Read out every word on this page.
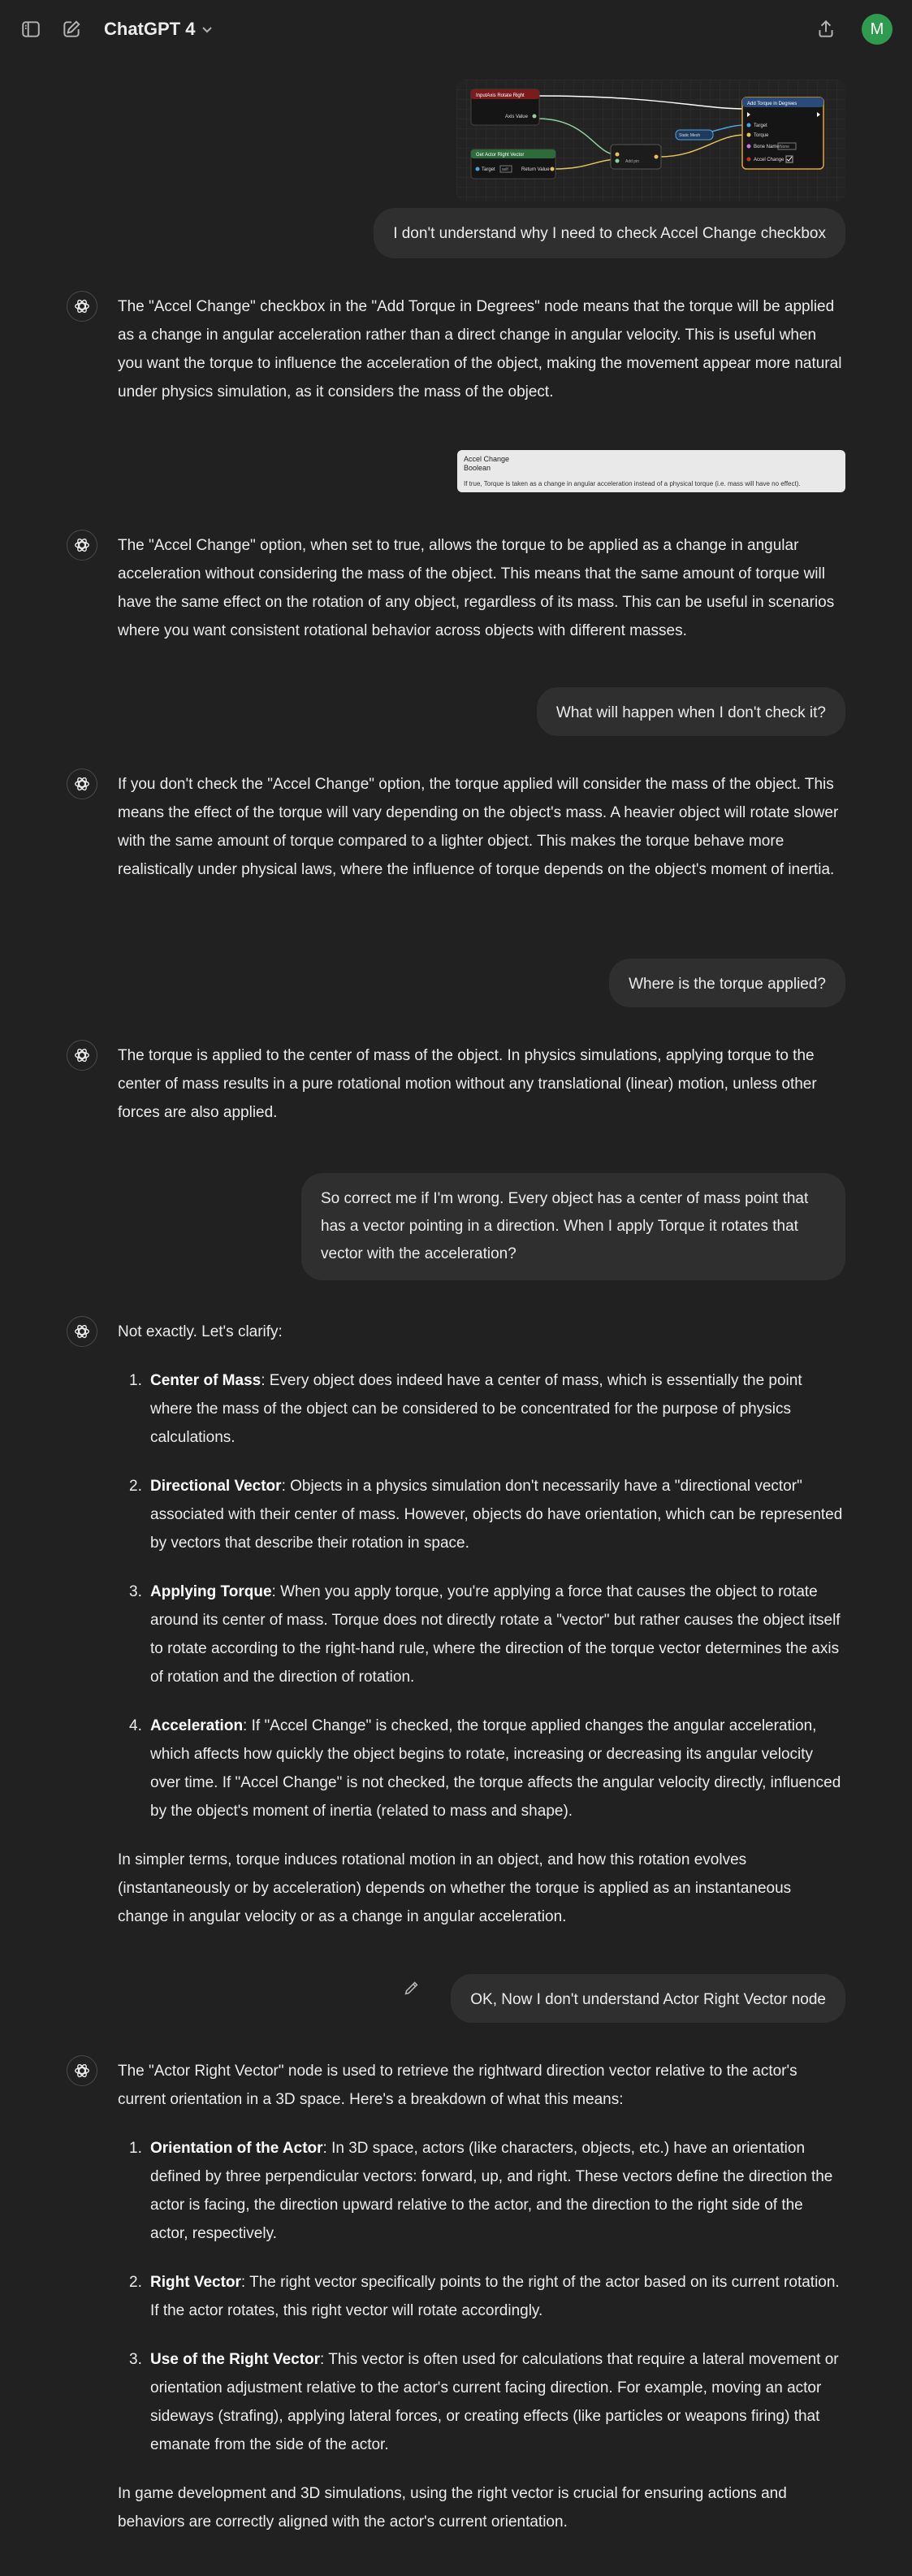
ChatGPT 4	M
InputAxis Rotate Right
Axis Value
Get Actor Right Vector
Target self	Return Value
Add pin
Static Mesh
Add Torque in Degrees
Target
Torque
Bone Name None
Accel Change
I don't understand why I need to check Accel Change checkbox

The "Accel Change" checkbox in the "Add Torque in Degrees" node means that the torque will be applied as a change in angular acceleration rather than a direct change in angular velocity. This is useful when you want the torque to influence the acceleration of the object, making the movement appear more natural under physics simulation, as it considers the mass of the object.

Accel Change
Boolean
If true, Torque is taken as a change in angular acceleration instead of a physical torque (i.e. mass will have no effect).

The "Accel Change" option, when set to true, allows the torque to be applied as a change in angular acceleration without considering the mass of the object. This means that the same amount of torque will have the same effect on the rotation of any object, regardless of its mass. This can be useful in scenarios where you want consistent rotational behavior across objects with different masses.

What will happen when I don't check it?

If you don't check the "Accel Change" option, the torque applied will consider the mass of the object. This means the effect of the torque will vary depending on the object's mass. A heavier object will rotate slower with the same amount of torque compared to a lighter object. This makes the torque behave more realistically under physical laws, where the influence of torque depends on the object's moment of inertia.

Where is the torque applied?

The torque is applied to the center of mass of the object. In physics simulations, applying torque to the center of mass results in a pure rotational motion without any translational (linear) motion, unless other forces are also applied.

So correct me if I'm wrong. Every object has a center of mass point that has a vector pointing in a direction. When I apply Torque it rotates that vector with the acceleration?

Not exactly. Let's clarify:

1. Center of Mass: Every object does indeed have a center of mass, which is essentially the point where the mass of the object can be considered to be concentrated for the purpose of physics calculations.
2. Directional Vector: Objects in a physics simulation don't necessarily have a "directional vector" associated with their center of mass. However, objects do have orientation, which can be represented by vectors that describe their rotation in space.
3. Applying Torque: When you apply torque, you're applying a force that causes the object to rotate around its center of mass. Torque does not directly rotate a "vector" but rather causes the object itself to rotate according to the right-hand rule, where the direction of the torque vector determines the axis of rotation and the direction of rotation.
4. Acceleration: If "Accel Change" is checked, the torque applied changes the angular acceleration, which affects how quickly the object begins to rotate, increasing or decreasing its angular velocity over time. If "Accel Change" is not checked, the torque affects the angular velocity directly, influenced by the object's moment of inertia (related to mass and shape).

In simpler terms, torque induces rotational motion in an object, and how this rotation evolves (instantaneously or by acceleration) depends on whether the torque is applied as an instantaneous change in angular velocity or as a change in angular acceleration.

OK, Now I don't understand Actor Right Vector node

The "Actor Right Vector" node is used to retrieve the rightward direction vector relative to the actor's current orientation in a 3D space. Here's a breakdown of what this means:

1. Orientation of the Actor: In 3D space, actors (like characters, objects, etc.) have an orientation defined by three perpendicular vectors: forward, up, and right. These vectors define the direction the actor is facing, the direction upward relative to the actor, and the direction to the right side of the actor, respectively.
2. Right Vector: The right vector specifically points to the right of the actor based on its current rotation. If the actor rotates, this right vector will rotate accordingly.
3. Use of the Right Vector: This vector is often used for calculations that require a lateral movement or orientation adjustment relative to the actor's current facing direction. For example, moving an actor sideways (strafing), applying lateral forces, or creating effects (like particles or weapons firing) that emanate from the side of the actor.

In game development and 3D simulations, using the right vector is crucial for ensuring actions and behaviors are correctly aligned with the actor's current orientation.
